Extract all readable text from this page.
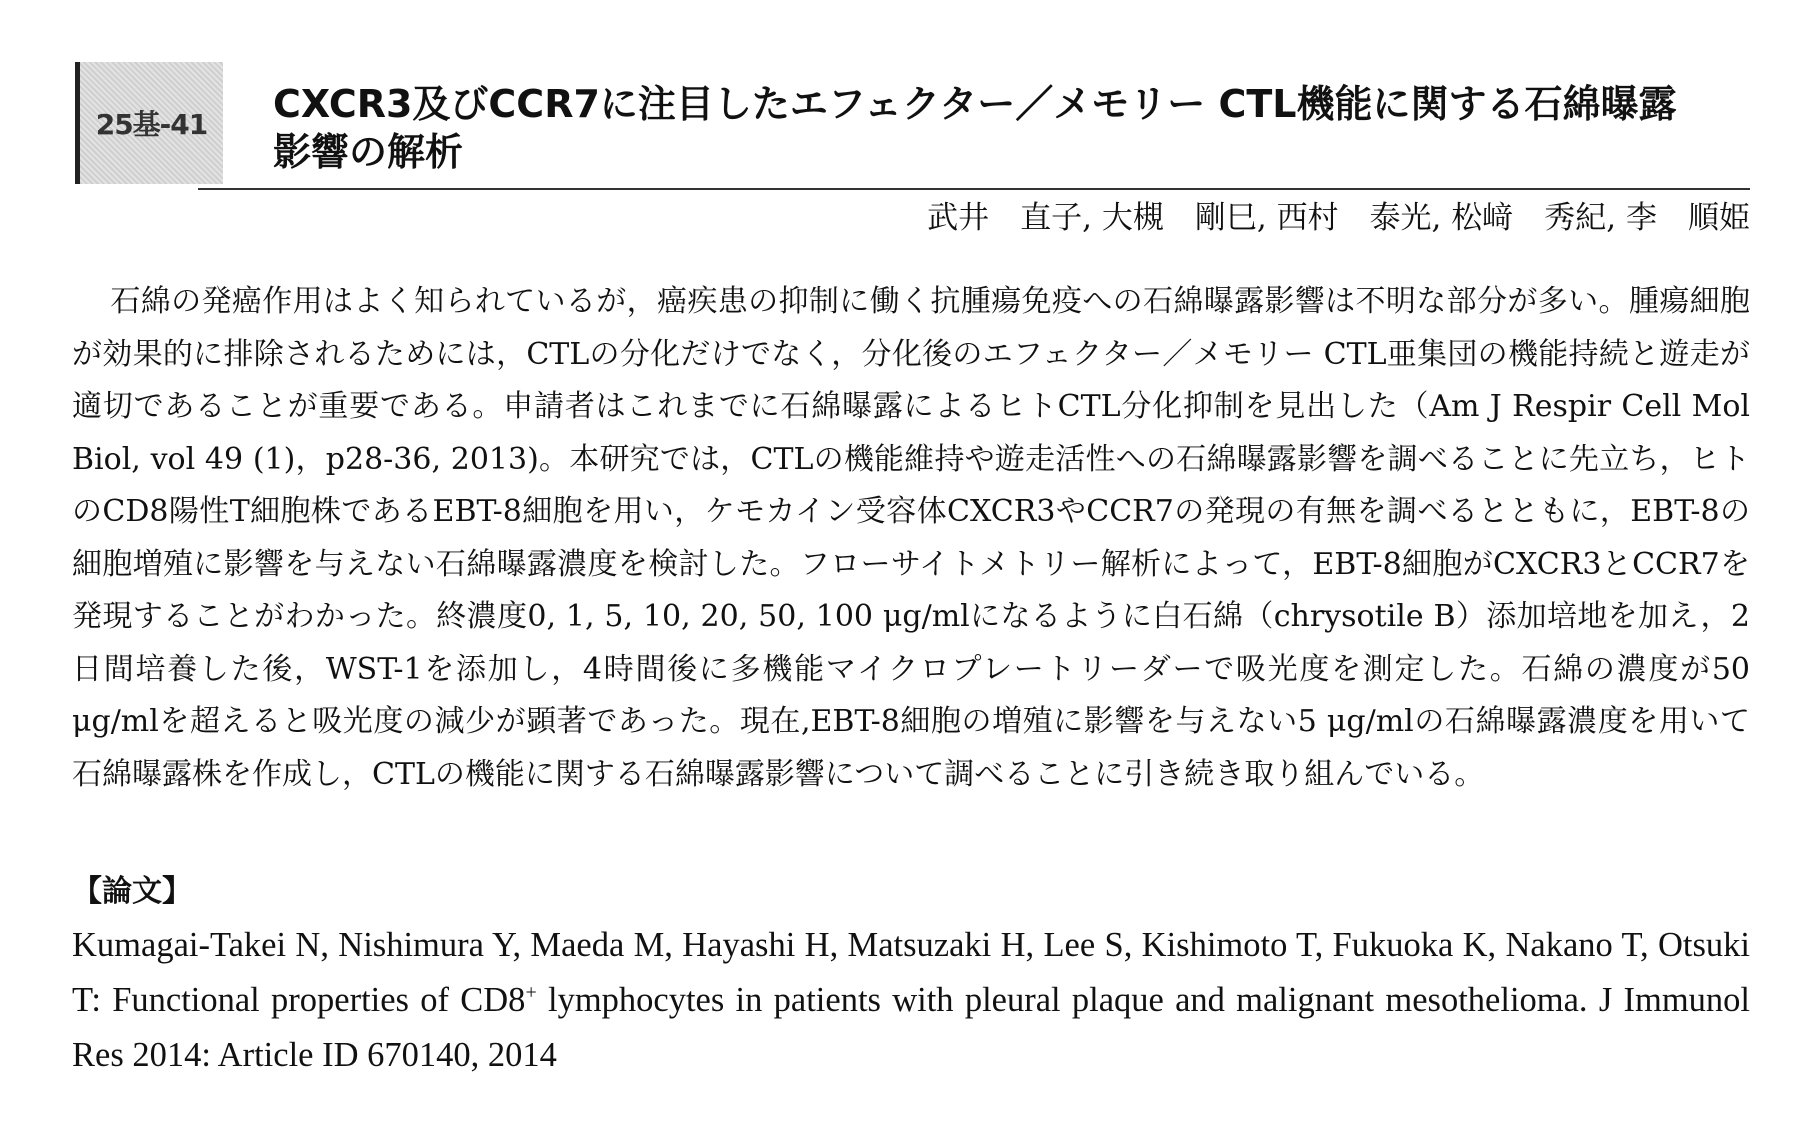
25基-41 CXCR3及びCCR7に注目したエフェクター／メモリー CTL機能に関する石綿曝露
影響の解析
武井　直子, 大槻　剛巳, 西村　泰光, 松﨑　秀紀, 李　順姫

石綿の発癌作用はよく知られているが，癌疾患の抑制に働く抗腫瘍免疫への石綿曝露影響は不明な部分が多い。腫瘍細胞が効果的に排除されるためには，CTLの分化だけでなく，分化後のエフェクター／メモリー CTL亜集団の機能持続と遊走が適切であることが重要である。申請者はこれまでに石綿曝露によるヒトCTL分化抑制を見出した（Am J Respir Cell Mol Biol, vol 49 (1)，p28-36, 2013)。本研究では，CTLの機能維持や遊走活性への石綿曝露影響を調べることに先立ち，ヒトのCD8陽性T細胞株であるEBT-8細胞を用い，ケモカイン受容体CXCR3やCCR7の発現の有無を調べるとともに，EBT-8の細胞増殖に影響を与えない石綿曝露濃度を検討した。フローサイトメトリー解析によって，EBT-8細胞がCXCR3とCCR7を発現することがわかった。終濃度0, 1, 5, 10, 20, 50, 100 μg/mlになるように白石綿（chrysotile B）添加培地を加え，2日間培養した後，WST-1を添加し，4時間後に多機能マイクロプレートリーダーで吸光度を測定した。石綿の濃度が50 μg/mlを超えると吸光度の減少が顕著であった。現在,EBT-8細胞の増殖に影響を与えない5 μg/mlの石綿曝露濃度を用いて石綿曝露株を作成し，CTLの機能に関する石綿曝露影響について調べることに引き続き取り組んでいる。

【論文】

Kumagai-Takei N, Nishimura Y, Maeda M, Hayashi H, Matsuzaki H, Lee S, Kishimoto T, Fukuoka K, Nakano T, Otsuki T: Functional properties of CD8+ lymphocytes in patients with pleural plaque and malignant mesothelioma. J Immunol Res 2014: Article ID 670140, 2014
